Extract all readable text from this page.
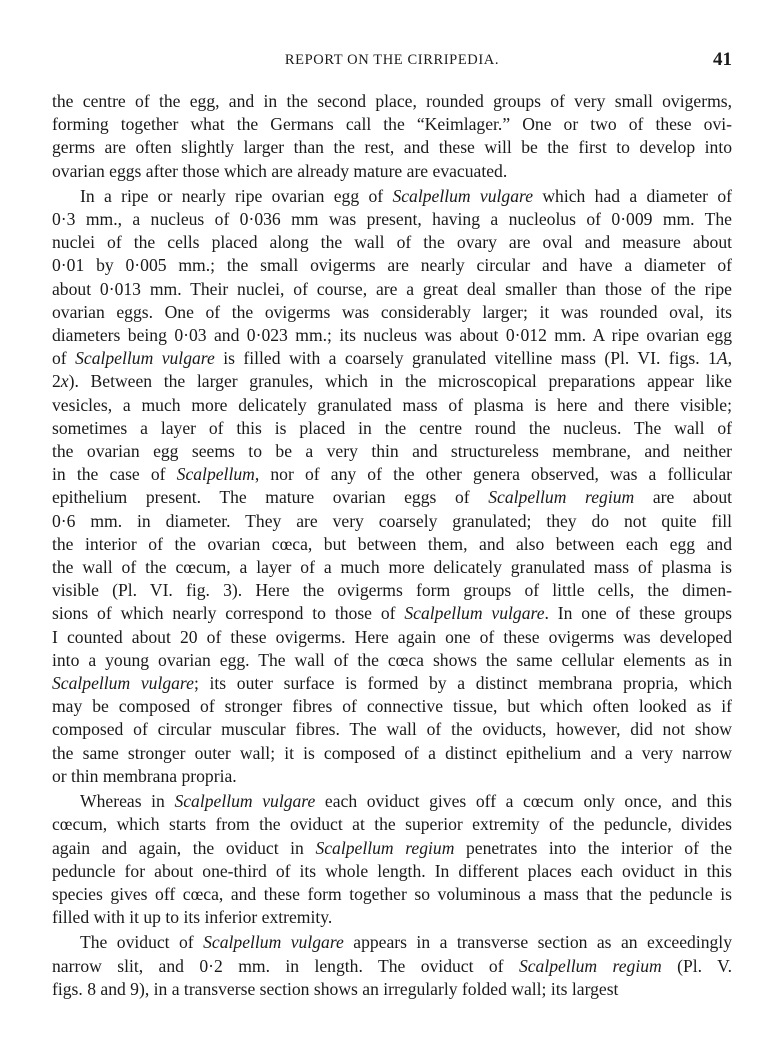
REPORT ON THE CIRRIPEDIA.	41

the centre of the egg, and in the second place, rounded groups of very small ovigerms,
forming together what the Germans call the “Keimlager.” One or two of these ovi-
germs are often slightly larger than the rest, and these will be the first to develop into
ovarian eggs after those which are already mature are evacuated.

In a ripe or nearly ripe ovarian egg of Scalpellum vulgare which had a diameter of
0·3 mm., a nucleus of 0·036 mm was present, having a nucleolus of 0·009 mm. The
nuclei of the cells placed along the wall of the ovary are oval and measure about
0·01 by 0·005 mm.; the small ovigerms are nearly circular and have a diameter of
about 0·013 mm. Their nuclei, of course, are a great deal smaller than those of the ripe
ovarian eggs. One of the ovigerms was considerably larger; it was rounded oval, its
diameters being 0·03 and 0·023 mm.; its nucleus was about 0·012 mm. A ripe ovarian egg
of Scalpellum vulgare is filled with a coarsely granulated vitelline mass (Pl. VI. figs. 1A,
2x). Between the larger granules, which in the microscopical preparations appear like
vesicles, a much more delicately granulated mass of plasma is here and there visible;
sometimes a layer of this is placed in the centre round the nucleus. The wall of
the ovarian egg seems to be a very thin and structureless membrane, and neither
in the case of Scalpellum, nor of any of the other genera observed, was a follicular
epithelium present. The mature ovarian eggs of Scalpellum regium are about
0·6 mm. in diameter. They are very coarsely granulated; they do not quite fill
the interior of the ovarian cœca, but between them, and also between each egg and
the wall of the cœcum, a layer of a much more delicately granulated mass of plasma is
visible (Pl. VI. fig. 3). Here the ovigerms form groups of little cells, the dimen-
sions of which nearly correspond to those of Scalpellum vulgare. In one of these groups
I counted about 20 of these ovigerms. Here again one of these ovigerms was developed
into a young ovarian egg. The wall of the cœca shows the same cellular elements as in
Scalpellum vulgare; its outer surface is formed by a distinct membrana propria, which
may be composed of stronger fibres of connective tissue, but which often looked as if
composed of circular muscular fibres. The wall of the oviducts, however, did not show
the same stronger outer wall; it is composed of a distinct epithelium and a very narrow
or thin membrana propria.

Whereas in Scalpellum vulgare each oviduct gives off a cœcum only once, and this
cœcum, which starts from the oviduct at the superior extremity of the peduncle, divides
again and again, the oviduct in Scalpellum regium penetrates into the interior of the
peduncle for about one-third of its whole length. In different places each oviduct in this
species gives off cœca, and these form together so voluminous a mass that the peduncle is
filled with it up to its inferior extremity.

The oviduct of Scalpellum vulgare appears in a transverse section as an exceedingly
narrow slit, and 0·2 mm. in length. The oviduct of Scalpellum regium (Pl. V.
figs. 8 and 9), in a transverse section shows an irregularly folded wall; its largest
